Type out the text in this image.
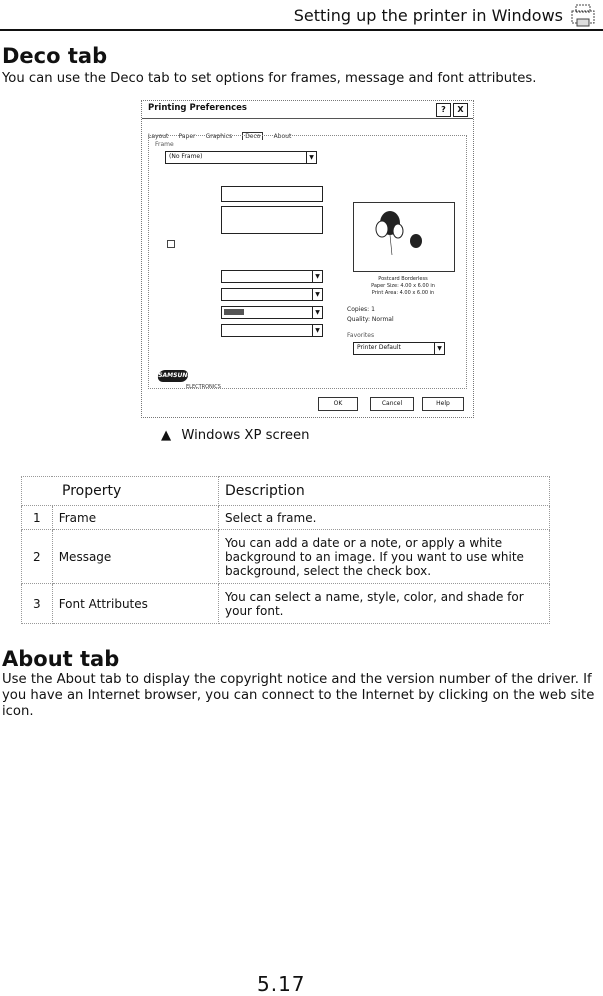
Setting up the printer in Windows
Deco tab
You can use the Deco tab to set options for frames, message and font attributes.
Printing Preferences	?	X
Layout Paper Graphics Deco About
Frame
(No Frame)	▼
▼
▼
▼
▼
Postcard Borderless
Paper Size: 4.00 x 6.00 in
Print Area: 4.00 x 6.00 in
Copies: 1
Quality: Normal
Favorites
Printer Default	▼
SAMSUNG
ELECTRONICS
OK	Cancel	Help
▲ Windows XP screen
Property		Description
1	Frame	Select a frame.
2	Message	You can add a date or a note, or apply a white background to an image. If you want to use white background, select the check box.
3	Font Attributes	You can select a name, style, color, and shade for your font.
About tab
Use the About tab to display the copyright notice and the version number of the driver. If you have an Internet browser, you can connect to the Internet by clicking on the web site icon.
5.17
